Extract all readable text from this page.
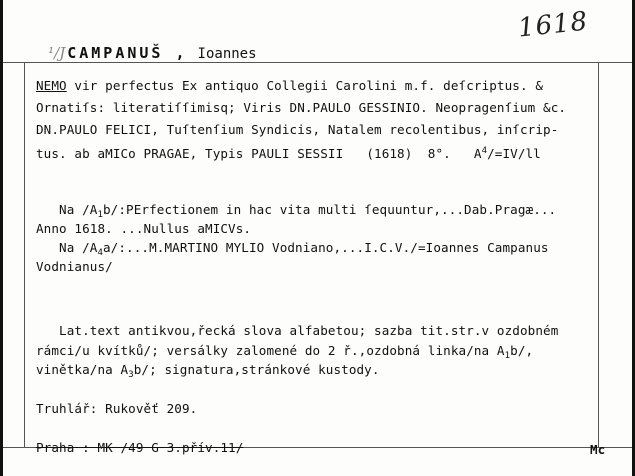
¹/J CAMPANUŠ , Ioannes

1618
NEMO vir perfectus Ex antiquo Collegii Carolini m.f. deſcriptus. &
Ornatiſs: literatiſſimisq; Viris DN.PAULO GESSINIO. Neopragenſium &c.
DN.PAULO FELICI, Tuſtenſium Syndicis, Natalem recolentibus, inſcrip-
tus. ab aMICo PRAGAE, Typis PAULI SESSII   (1618)  8°.   $A^4/=IV/ll$
Na $/A_1b/:PErfectionem$ in hac vita multi ſequuntur,...Dab.Pragæ...
Anno 1618. ...Nullus aMICVs.
Na $/A_4a/:...M.MARTINO$ MYLIO Vodniano,...I.C.V./=Ioannes Campanus
Vodnianus/
Lat.text antikvou,řecká slova alfabetou; sazba tit.str.v ozdobném
rámci/u kvítků/; versálky zalomené do 2 ř.,ozdobná linka/na $A_1b/$,
vinětka/na $A_3b/$; signatura,stránkové kustody.
Truhlář: Rukověť 209.
Praha : MK /49 G 3.přív.11/	Mc
